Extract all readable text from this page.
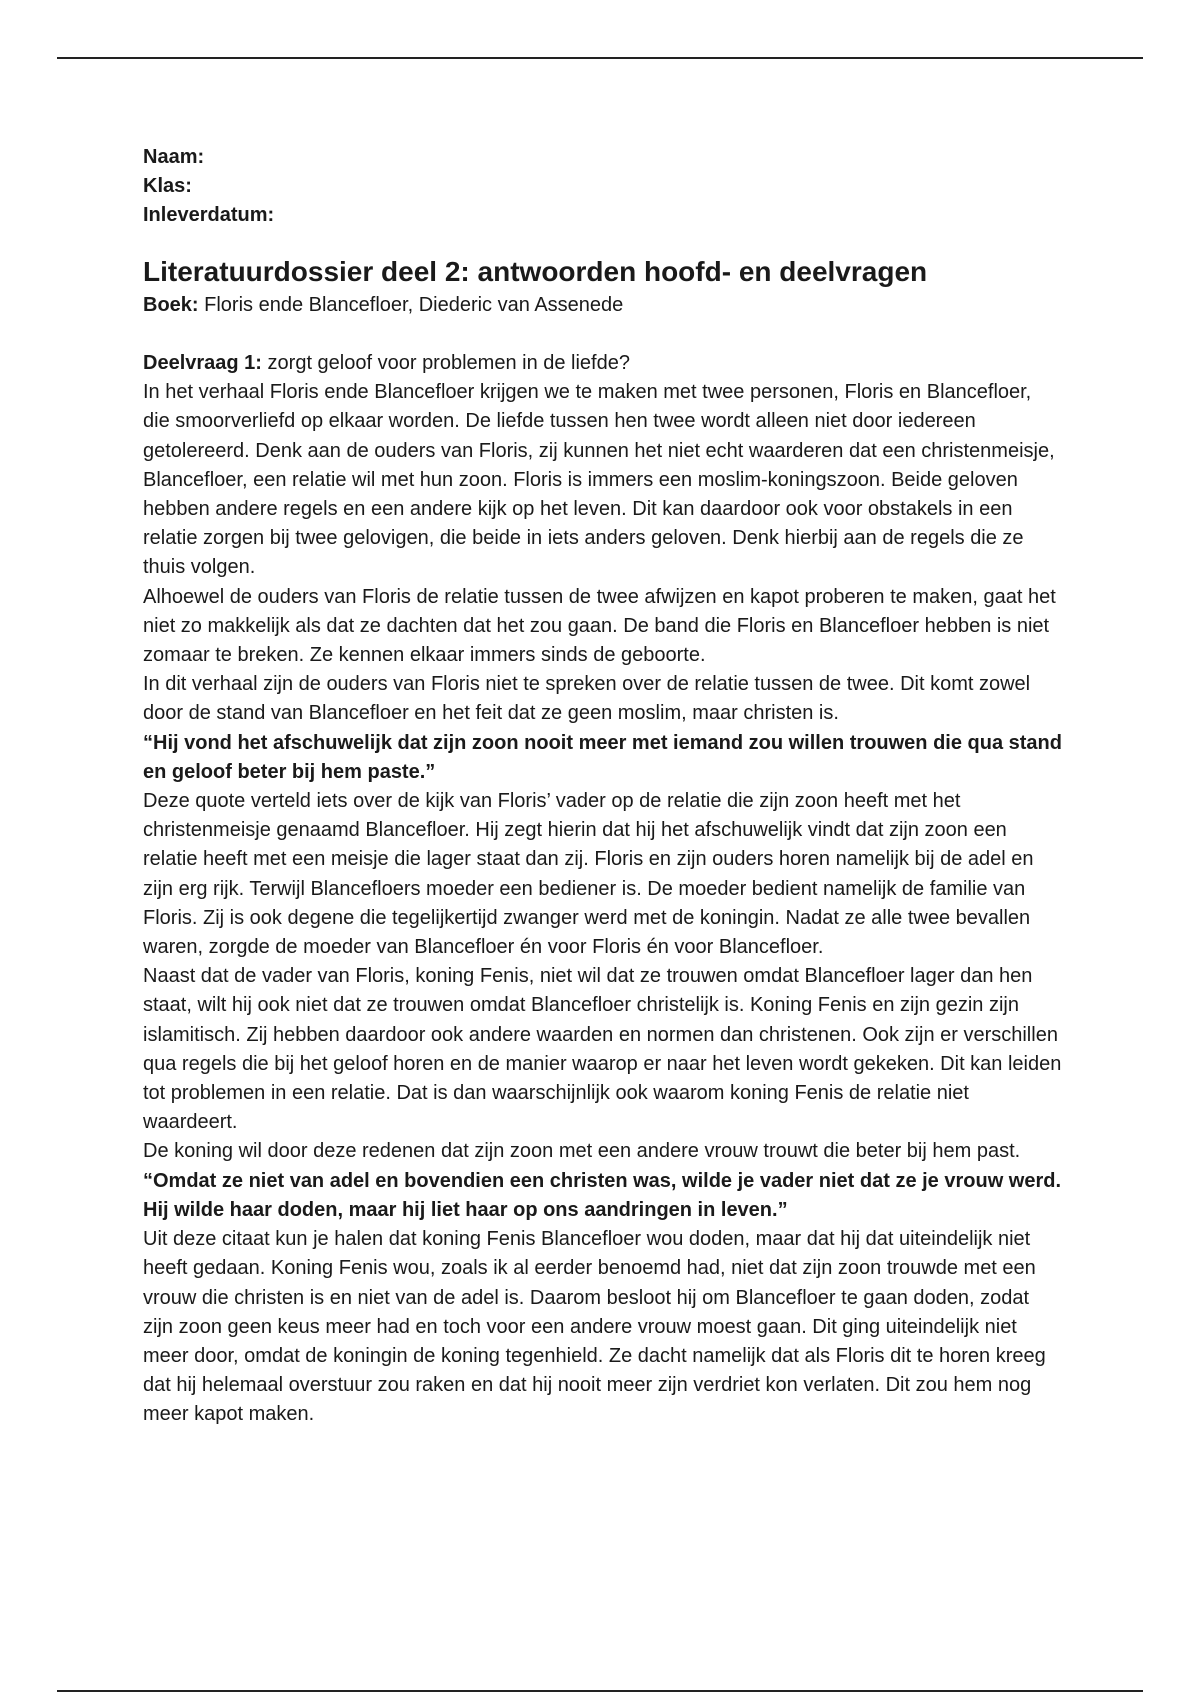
Naam:

Klas:

Inleverdatum:

Literatuurdossier deel 2: antwoorden hoofd- en deelvragen

Boek: Floris ende Blancefloer, Diederic van Assenede

Deelvraag 1: zorgt geloof voor problemen in de liefde?

In het verhaal Floris ende Blancefloer krijgen we te maken met twee personen, Floris en Blancefloer, die smoorverliefd op elkaar worden. De liefde tussen hen twee wordt alleen niet door iedereen getolereerd. Denk aan de ouders van Floris, zij kunnen het niet echt waarderen dat een christenmeisje, Blancefloer, een relatie wil met hun zoon. Floris is immers een moslim-koningszoon. Beide geloven hebben andere regels en een andere kijk op het leven. Dit kan daardoor ook voor obstakels in een relatie zorgen bij twee gelovigen, die beide in iets anders geloven. Denk hierbij aan de regels die ze thuis volgen.

Alhoewel de ouders van Floris de relatie tussen de twee afwijzen en kapot proberen te maken, gaat het niet zo makkelijk als dat ze dachten dat het zou gaan. De band die Floris en Blancefloer hebben is niet zomaar te breken. Ze kennen elkaar immers sinds de geboorte.

In dit verhaal zijn de ouders van Floris niet te spreken over de relatie tussen de twee. Dit komt zowel door de stand van Blancefloer en het feit dat ze geen moslim, maar christen is.

“Hij vond het afschuwelijk dat zijn zoon nooit meer met iemand zou willen trouwen die qua stand en geloof beter bij hem paste.”

Deze quote verteld iets over de kijk van Floris’ vader op de relatie die zijn zoon heeft met het christenmeisje genaamd Blancefloer. Hij zegt hierin dat hij het afschuwelijk vindt dat zijn zoon een relatie heeft met een meisje die lager staat dan zij. Floris en zijn ouders horen namelijk bij de adel en zijn erg rijk. Terwijl Blancefloers moeder een bediener is. De moeder bedient namelijk de familie van Floris. Zij is ook degene die tegelijkertijd zwanger werd met de koningin. Nadat ze alle twee bevallen waren, zorgde de moeder van Blancefloer én voor Floris én voor Blancefloer.

Naast dat de vader van Floris, koning Fenis, niet wil dat ze trouwen omdat Blancefloer lager dan hen staat, wilt hij ook niet dat ze trouwen omdat Blancefloer christelijk is. Koning Fenis en zijn gezin zijn islamitisch. Zij hebben daardoor ook andere waarden en normen dan christenen. Ook zijn er verschillen qua regels die bij het geloof horen en de manier waarop er naar het leven wordt gekeken. Dit kan leiden tot problemen in een relatie. Dat is dan waarschijnlijk ook waarom koning Fenis de relatie niet waardeert.

De koning wil door deze redenen dat zijn zoon met een andere vrouw trouwt die beter bij hem past.

“Omdat ze niet van adel en bovendien een christen was, wilde je vader niet dat ze je vrouw werd. Hij wilde haar doden, maar hij liet haar op ons aandringen in leven.”

Uit deze citaat kun je halen dat koning Fenis Blancefloer wou doden, maar dat hij dat uiteindelijk niet heeft gedaan. Koning Fenis wou, zoals ik al eerder benoemd had, niet dat zijn zoon trouwde met een vrouw die christen is en niet van de adel is. Daarom besloot hij om Blancefloer te gaan doden, zodat zijn zoon geen keus meer had en toch voor een andere vrouw moest gaan. Dit ging uiteindelijk niet meer door, omdat de koningin de koning tegenhield. Ze dacht namelijk dat als Floris dit te horen kreeg dat hij helemaal overstuur zou raken en dat hij nooit meer zijn verdriet kon verlaten. Dit zou hem nog meer kapot maken.
